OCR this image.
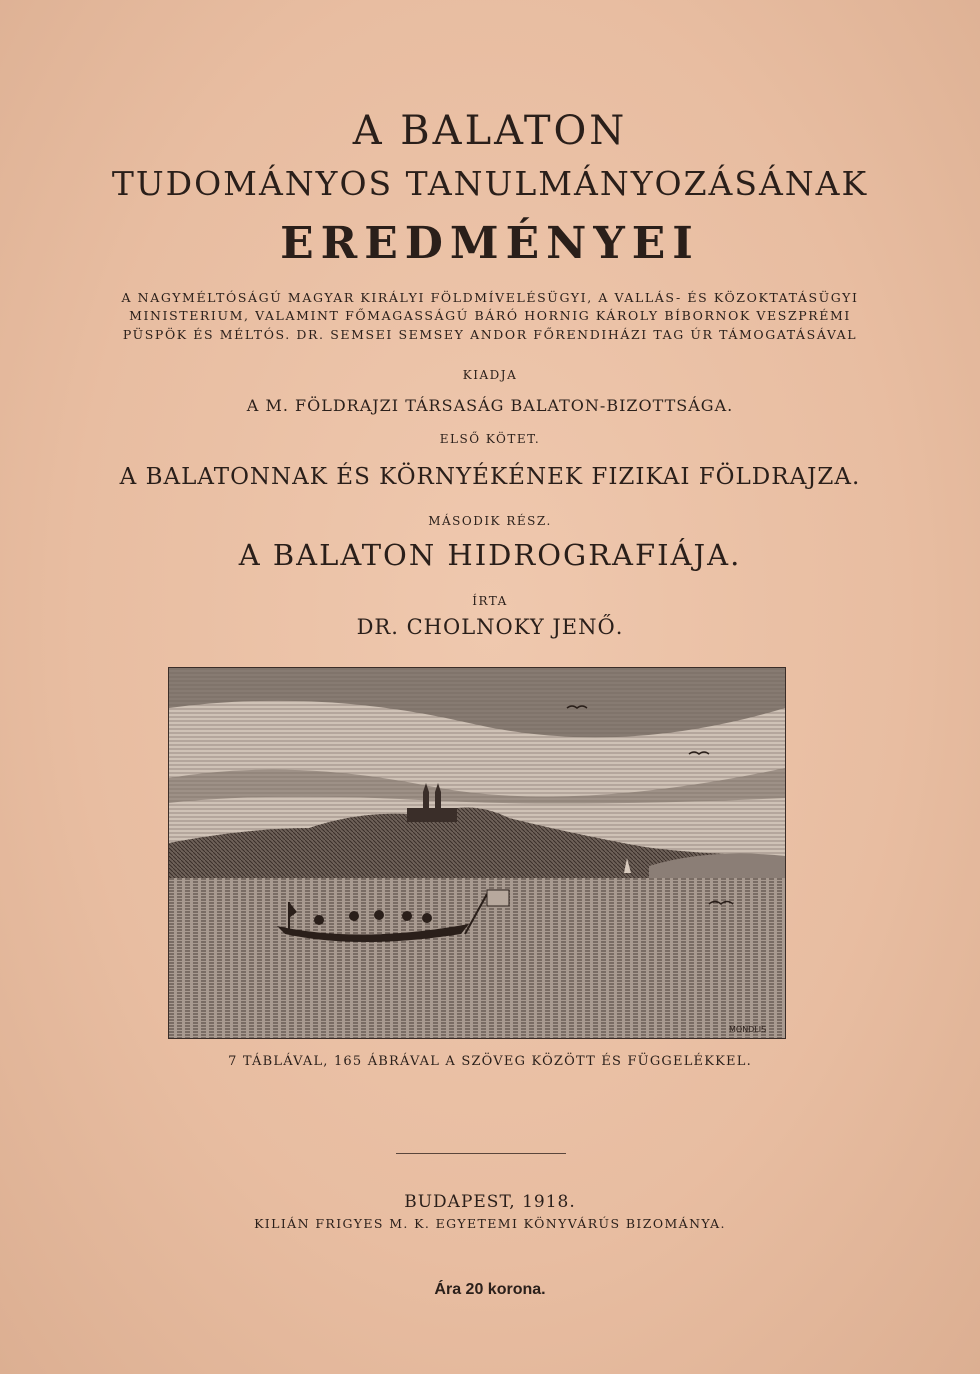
A BALATON
TUDOMÁNYOS TANULMÁNYOZÁSÁNAK
EREDMÉNYEI
A NAGYMÉLTÓSÁGÚ MAGYAR KIRÁLYI FÖLDMÍVELÉSÜGYI, A VALLÁS- ÉS KÖZOKTATÁSÜGYI
MINISTERIUM, VALAMINT FŐMAGASSÁGÚ BÁRÓ HORNIG KÁROLY BÍBORNOK VESZPRÉMI
PÜSPÖK ÉS MÉLTÓS. DR. SEMSEI SEMSEY ANDOR FŐRENDIHÁZI TAG ÚR TÁMOGATÁSÁVAL
KIADJA
A M. FÖLDRAJZI TÁRSASÁG BALATON-BIZOTTSÁGA.
ELSŐ KÖTET.
A BALATONNAK ÉS KÖRNYÉKÉNEK FIZIKAI FÖLDRAJZA.
MÁSODIK RÉSZ.
A BALATON HIDROGRAFIÁJA.
ÍRTA
DR. CHOLNOKY JENŐ.
MONDLIS
7 TÁBLÁVAL, 165 ÁBRÁVAL A SZÖVEG KÖZÖTT ÉS FÜGGELÉKKEL.
BUDAPEST, 1918.
KILIÁN FRIGYES M. K. EGYETEMI KÖNYVÁRÚS BIZOMÁNYA.
Ára 20 korona.
